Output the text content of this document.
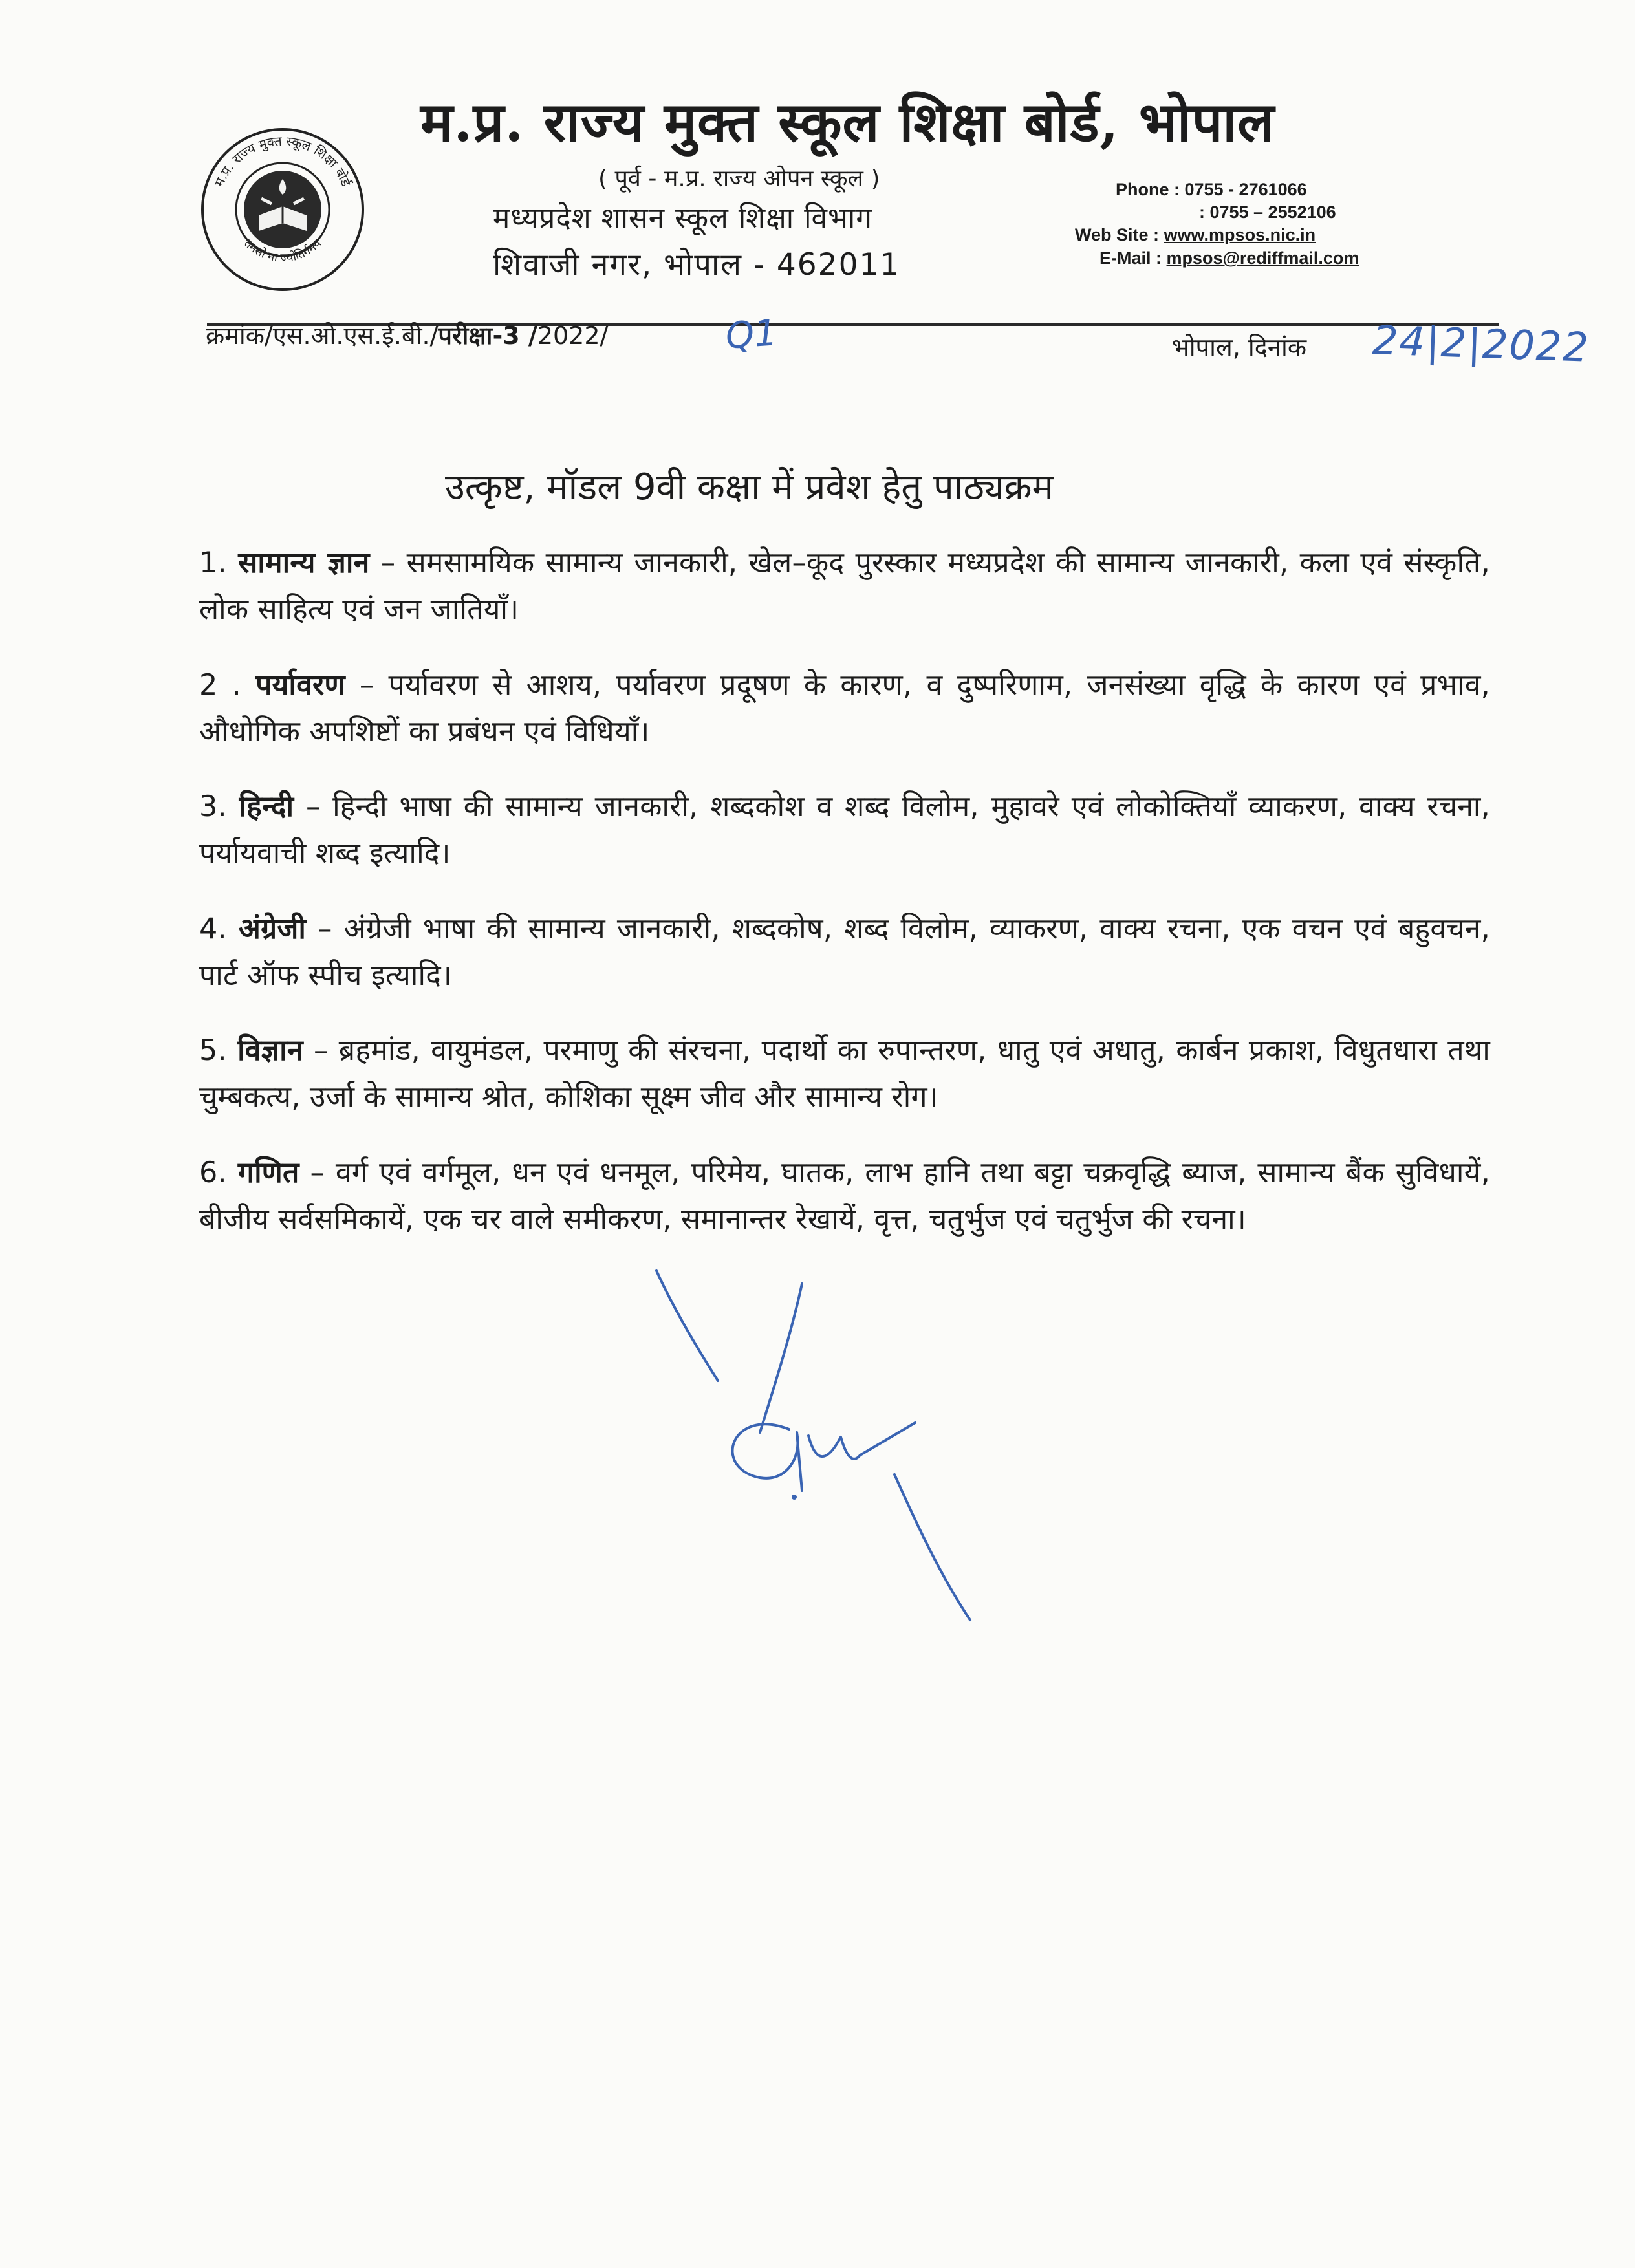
म.प्र. राज्य मुक्त स्कूल शिक्षा बोर्ड
तमसो मा ज्योतिर्गमय
म.प्र. राज्य मुक्त स्कूल शिक्षा बोर्ड, भोपाल
( पूर्व - म.प्र. राज्य ओपन स्कूल )
मध्यप्रदेश शासन स्कूल शिक्षा विभाग
शिवाजी नगर, भोपाल - 462011
Phone : 0755 - 2761066
: 0755 – 2552106
Web Site : www.mpsos.nic.in
E-Mail : mpsos@rediffmail.com
क्रमांक/एस.ओ.एस.ई.बी./परीक्षा-3 /2022/	Q1	भोपाल, दिनांक 24|2|2022
उत्कृष्ट, मॉडल 9वी कक्षा में प्रवेश हेतु पाठ्यक्रम

1. सामान्य ज्ञान – समसामयिक सामान्य जानकारी, खेल–कूद पुरस्कार मध्यप्रदेश की सामान्य जानकारी, कला एवं संस्कृति, लोक साहित्य एवं जन जातियाँ।

2 . पर्यावरण – पर्यावरण से आशय, पर्यावरण प्रदूषण के कारण, व दुष्परिणाम, जनसंख्या वृद्धि के कारण एवं प्रभाव, औधोगिक अपशिष्टों का प्रबंधन एवं विधियाँ।

3. हिन्दी – हिन्दी भाषा की सामान्य जानकारी, शब्दकोश व शब्द विलोम, मुहावरे एवं लोकोक्तियाँ व्याकरण, वाक्य रचना, पर्यायवाची शब्द इत्यादि।

4. अंग्रेजी – अंग्रेजी भाषा की सामान्य जानकारी, शब्दकोष, शब्द विलोम, व्याकरण, वाक्य रचना, एक वचन एवं बहुवचन, पार्ट ऑफ स्पीच इत्यादि।

5. विज्ञान – ब्रहमांड, वायुमंडल, परमाणु की संरचना, पदार्थो का रुपान्तरण, धातु एवं अधातु, कार्बन प्रकाश, विधुतधारा तथा चुम्बकत्य, उर्जा के सामान्य श्रोत, कोशिका सूक्ष्म जीव और सामान्य रोग।

6. गणित – वर्ग एवं वर्गमूल, धन एवं धनमूल, परिमेय, घातक, लाभ हानि तथा बट्टा चक्रवृद्धि ब्याज, सामान्य बैंक सुविधायें, बीजीय सर्वसमिकायें, एक चर वाले समीकरण, समानान्तर रेखायें, वृत्त, चतुर्भुज एवं चतुर्भुज की रचना।
